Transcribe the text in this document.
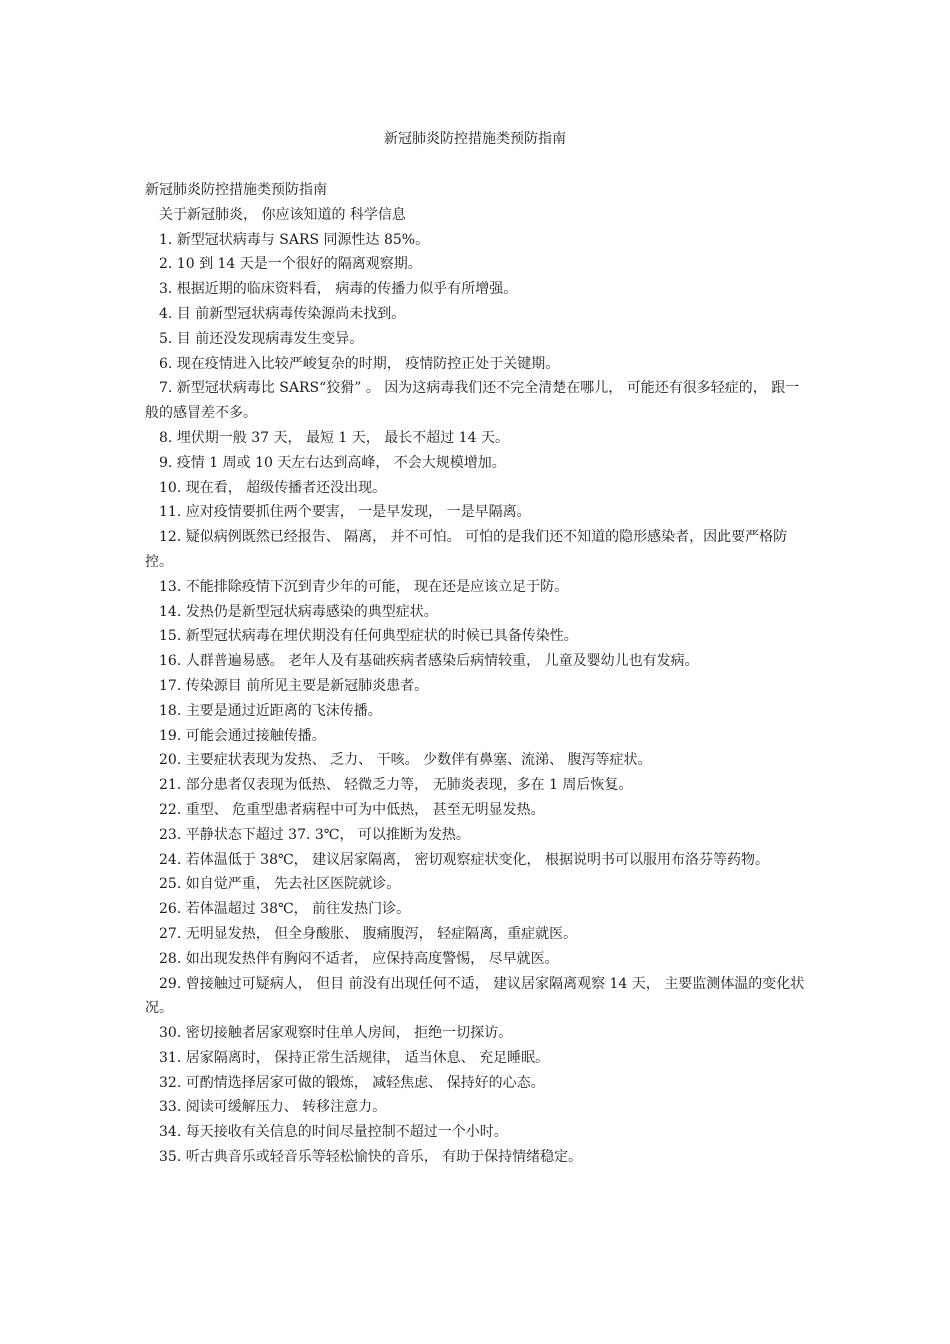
新冠肺炎防控措施类预防指南

新冠肺炎防控措施类预防指南

关于新冠肺炎， 你应该知道的 科学信息

1. 新型冠状病毒与 SARS 同源性达 85%。

2. 10 到 14 天是一个很好的隔离观察期。

3. 根据近期的临床资料看， 病毒的传播力似乎有所增强。

4. 目 前新型冠状病毒传染源尚未找到。

5. 目 前还没发现病毒发生变异。

6. 现在疫情进入比较严峻复杂的时期， 疫情防控正处于关键期。

7. 新型冠状病毒比 SARS“狡猾” 。 因为这病毒我们还不完全清楚在哪儿， 可能还有很多轻症的， 跟一般的感冒差不多。

8. 埋伏期一般 37 天， 最短 1 天， 最长不超过 14 天。

9. 疫情 1 周或 10 天左右达到高峰， 不会大规模增加。

10. 现在看， 超级传播者还没出现。

11. 应对疫情要抓住两个要害， 一是早发现， 一是早隔离。

12. 疑似病例既然已经报告、 隔离， 并不可怕。 可怕的是我们还不知道的隐形感染者，因此要严格防控。

13. 不能排除疫情下沉到青少年的可能， 现在还是应该立足于防。

14. 发热仍是新型冠状病毒感染的典型症状。

15. 新型冠状病毒在埋伏期没有任何典型症状的时候已具备传染性。

16. 人群普遍易感。 老年人及有基础疾病者感染后病情较重， 儿童及婴幼儿也有发病。

17. 传染源目 前所见主要是新冠肺炎患者。

18. 主要是通过近距离的飞沫传播。

19. 可能会通过接触传播。

20. 主要症状表现为发热、 乏力、 干咳。 少数伴有鼻塞、流涕、 腹泻等症状。

21. 部分患者仅表现为低热、 轻微乏力等， 无肺炎表现，多在 1 周后恢复。

22. 重型、 危重型患者病程中可为中低热， 甚至无明显发热。

23. 平静状态下超过 37. 3℃， 可以推断为发热。

24. 若体温低于 38℃， 建议居家隔离， 密切观察症状变化， 根据说明书可以服用布洛芬等药物。

25. 如自觉严重， 先去社区医院就诊。

26. 若体温超过 38℃， 前往发热门诊。

27. 无明显发热， 但全身酸胀、 腹痛腹泻， 轻症隔离，重症就医。

28. 如出现发热伴有胸闷不适者， 应保持高度警惕， 尽早就医。

29. 曾接触过可疑病人， 但目 前没有出现任何不适， 建议居家隔离观察 14 天， 主要监测体温的变化状况。

30. 密切接触者居家观察时住单人房间， 拒绝一切探访。

31. 居家隔离时， 保持正常生活规律， 适当休息、 充足睡眠。

32. 可酌情选择居家可做的锻炼， 减轻焦虑、 保持好的心态。

33. 阅读可缓解压力、 转移注意力。

34. 每天接收有关信息的时间尽量控制不超过一个小时。

35. 听古典音乐或轻音乐等轻松愉快的音乐， 有助于保持情绪稳定。
